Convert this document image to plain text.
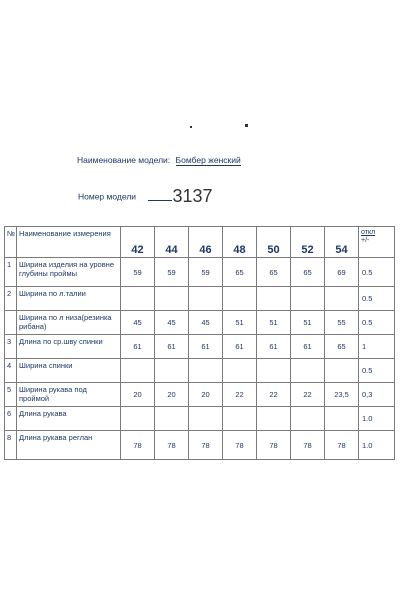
Наименование модели: Бомбер женский
Номер модели 3137
№	Наименование измерения	42	44	46	48	50	52	54	откл
+/-
1	Ширина изделия на уровне глубины проймы	59	59	59	65	65	65	69	0.5
2	Ширина по л.талии								0.5
	Ширина по л низа(резинка рибана)	45	45	45	51	51	51	55	0.5
3	Длина по ср.шву спинки	61	61	61	61	61	61	65	1
4	Ширина спинки								0.5
5	Ширина рукава под проймой	20	20	20	22	22	22	23,5	0,3
6	Длина рукава								1.0
8	Длина рукава реглан	78	78	78	78	78	78	78	1.0
